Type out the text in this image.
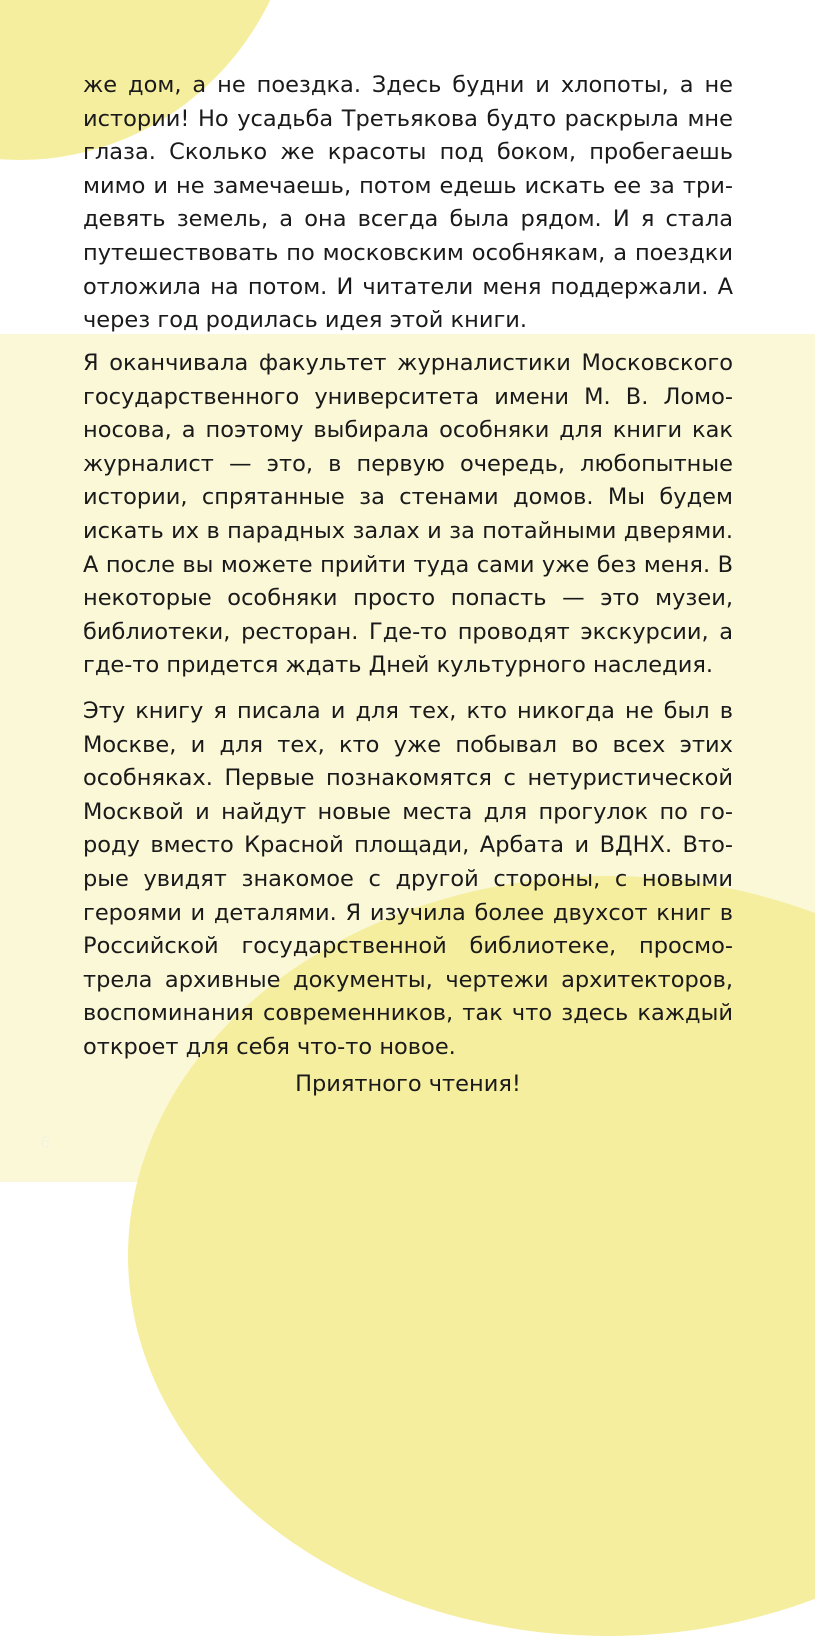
же дом, а не поездка. Здесь будни и хлопоты, а не истории! Но усадьба Третьякова будто раскрыла мне глаза. Сколько же красоты под боком, пробегаешь мимо и не замечаешь, потом едешь искать ее за тридевять земель, а она всегда была рядом. И я стала путешествовать по московским особнякам, а поездки отложила на потом. И читатели меня поддержали. А через год родилась идея этой книги.

Я оканчивала факультет журналистики Московского государственного университета имени М. В. Ломоносова, а поэтому выбирала особняки для книги как журналист — это, в первую очередь, любопытные истории, спрятанные за стенами домов. Мы будем искать их в парадных залах и за потайными дверями. А после вы можете прийти туда сами уже без меня. В некоторые особняки просто попасть — это музеи, библиотеки, ресторан. Где-то проводят экскурсии, а где-то придется ждать Дней культурного наследия.

Эту книгу я писала и для тех, кто никогда не был в Москве, и для тех, кто уже побывал во всех этих особняках. Первые познакомятся с нетуристической Москвой и найдут новые места для прогулок по городу вместо Красной площади, Арбата и ВДНХ. Вторые увидят знакомое с другой стороны, с новыми героями и деталями. Я изучила более двухсот книг в Российской государственной библиотеке, просмотрела архивные документы, чертежи архитекторов, воспоминания современников, так что здесь каждый откроет для себя что-то новое.

Приятного чтения!

6
